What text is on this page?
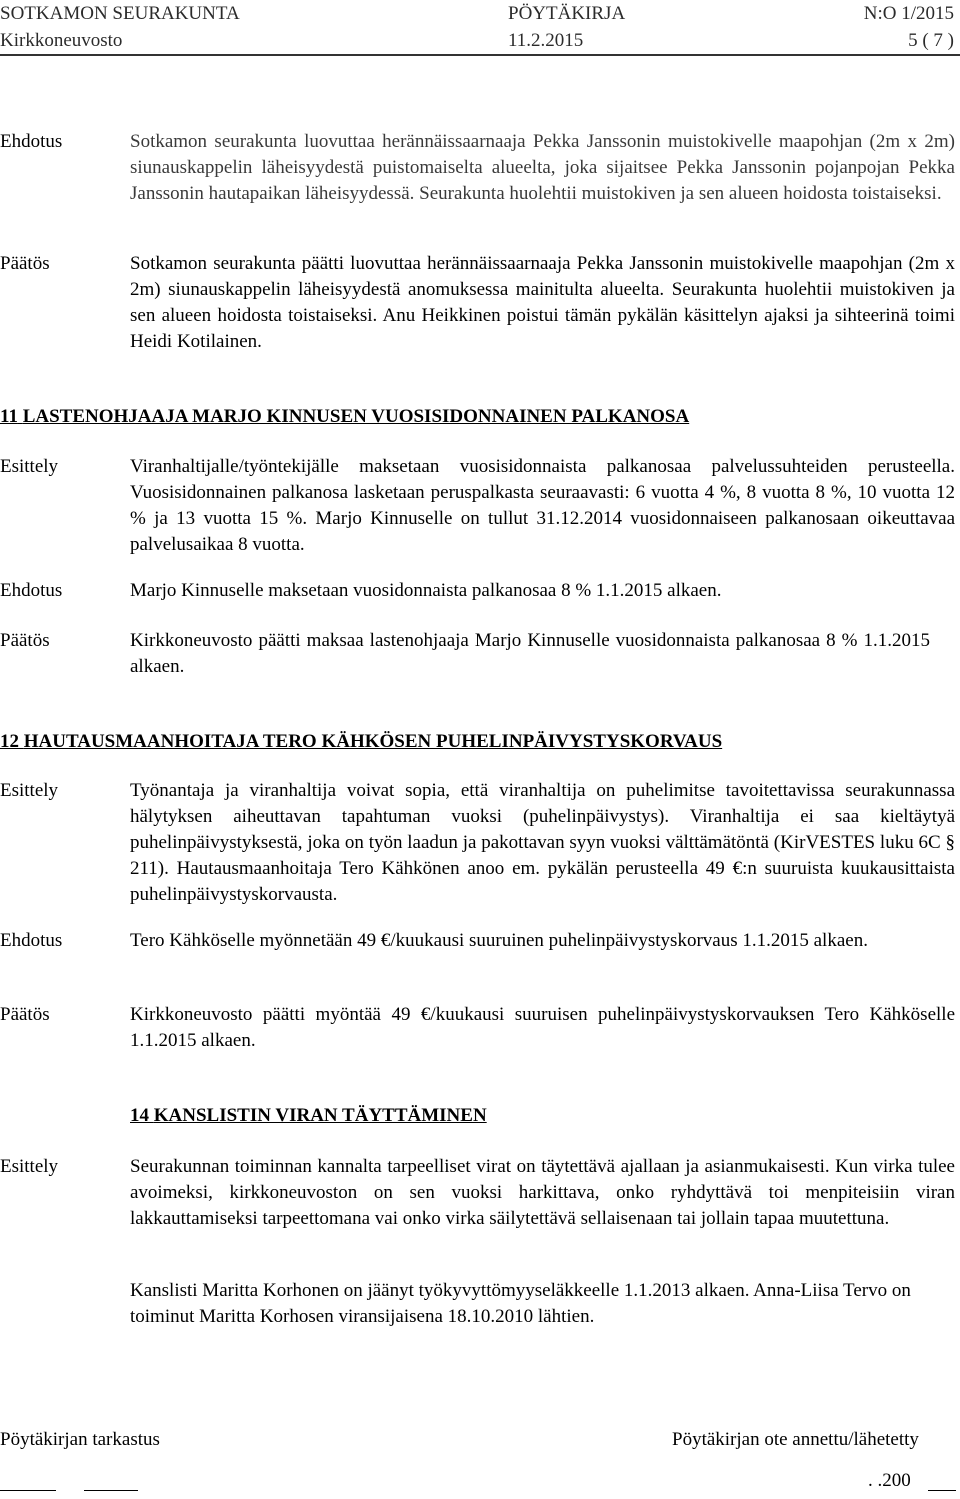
SOTKAMON SEURAKUNTA	PÖYTÄKIRJA	N:O 1/2015
Kirkkoneuvosto	11.2.2015	5 ( 7 )
Ehdotus	Sotkamon seurakunta luovuttaa herännäissaarnaaja Pekka Janssonin muistokivelle maapohjan (2m x 2m) siunauskappelin läheisyydestä puistomaiselta alueelta, joka sijaitsee Pekka Janssonin pojanpojan Pekka Janssonin hautapaikan läheisyydessä. Seurakunta huolehtii muistokiven ja sen alueen hoidosta toistaiseksi.
Päätös	Sotkamon seurakunta päätti luovuttaa herännäissaarnaaja Pekka Janssonin muistokivelle maapohjan (2m x 2m) siunauskappelin läheisyydestä anomuksessa mainitulta alueelta. Seurakunta huolehtii muistokiven ja sen alueen hoidosta toistaiseksi. Anu Heikkinen poistui tämän pykälän käsittelyn ajaksi ja sihteerinä toimi Heidi Kotilainen.
11 LASTENOHJAAJA MARJO KINNUSEN VUOSISIDONNAINEN PALKANOSA
Esittely	Viranhaltijalle/työntekijälle maksetaan vuosisidonnaista palkanosaa palvelussuhteiden perusteella. Vuosisidonnainen palkanosa lasketaan peruspalkasta seuraavasti: 6 vuotta 4 %, 8 vuotta 8 %, 10 vuotta 12 % ja 13 vuotta 15 %. Marjo Kinnuselle on tullut 31.12.2014 vuosidonnaiseen palkanosaan oikeuttavaa palvelusaikaa 8 vuotta.
Ehdotus	Marjo Kinnuselle maksetaan vuosidonnaista palkanosaa 8 % 1.1.2015 alkaen.
Päätös	Kirkkoneuvosto päätti maksaa lastenohjaaja Marjo Kinnuselle vuosidonnaista palkanosaa 8 % 1.1.2015 alkaen.
12 HAUTAUSMAANHOITAJA TERO KÄHKÖSEN PUHELINPÄIVYSTYSKORVAUS
Esittely	Työnantaja ja viranhaltija voivat sopia, että viranhaltija on puhelimitse tavoitettavissa seurakunnassa hälytyksen aiheuttavan tapahtuman vuoksi (puhelinpäivystys). Viranhaltija ei saa kieltäytyä puhelinpäivystyksestä, joka on työn laadun ja pakottavan syyn vuoksi välttämätöntä (KirVESTES luku 6C § 211). Hautausmaanhoitaja Tero Kähkönen anoo em. pykälän perusteella 49 €:n suuruista kuukausittaista puhelinpäivystyskorvausta.
Ehdotus	Tero Kähköselle myönnetään 49 €/kuukausi suuruinen puhelinpäivystyskorvaus 1.1.2015 alkaen.
Päätös	Kirkkoneuvosto päätti myöntää 49 €/kuukausi suuruisen puhelinpäivystyskorvauksen Tero Kähköselle 1.1.2015 alkaen.
14 KANSLISTIN VIRAN TÄYTTÄMINEN
Esittely	Seurakunnan toiminnan kannalta tarpeelliset virat on täytettävä ajallaan ja asianmukaisesti. Kun virka tulee avoimeksi, kirkkoneuvoston on sen vuoksi harkittava, onko ryhdyttävä toi menpiteisiin viran lakkauttamiseksi tarpeettomana vai onko virka säilytettävä sellaisenaan tai jollain tapaa muutettuna.
Kanslisti Maritta Korhonen on jäänyt työkyvyttömyyseläkkeelle 1.1.2013 alkaen. Anna-Liisa Tervo on toiminut Maritta Korhosen viransijaisena 18.10.2010 lähtien.
Pöytäkirjan tarkastus	Pöytäkirjan ote annettu/lähetetty
. .200
